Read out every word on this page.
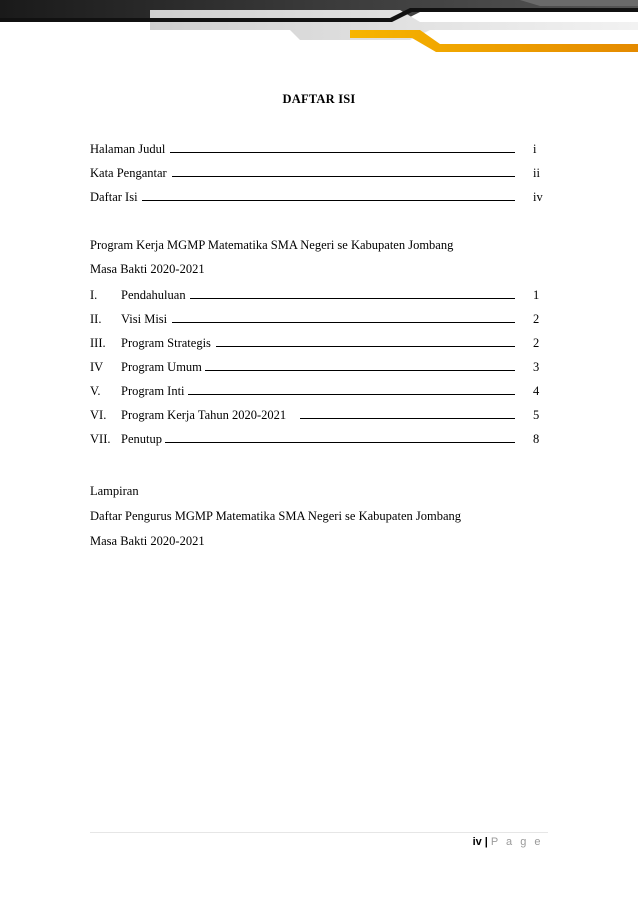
DAFTAR ISI
Halaman Judul	i
Kata Pengantar	ii
Daftar Isi	iv
Program Kerja MGMP Matematika SMA Negeri se Kabupaten Jombang
Masa Bakti 2020-2021
I. Pendahuluan	1
II. Visi Misi	2
III. Program Strategis	2
IV Program Umum	3
V. Program Inti	4
VI. Program Kerja Tahun 2020-2021	5
VII. Penutup	8
Lampiran
Daftar Pengurus MGMP Matematika SMA Negeri se Kabupaten Jombang
Masa Bakti 2020-2021
iv | P a g e
